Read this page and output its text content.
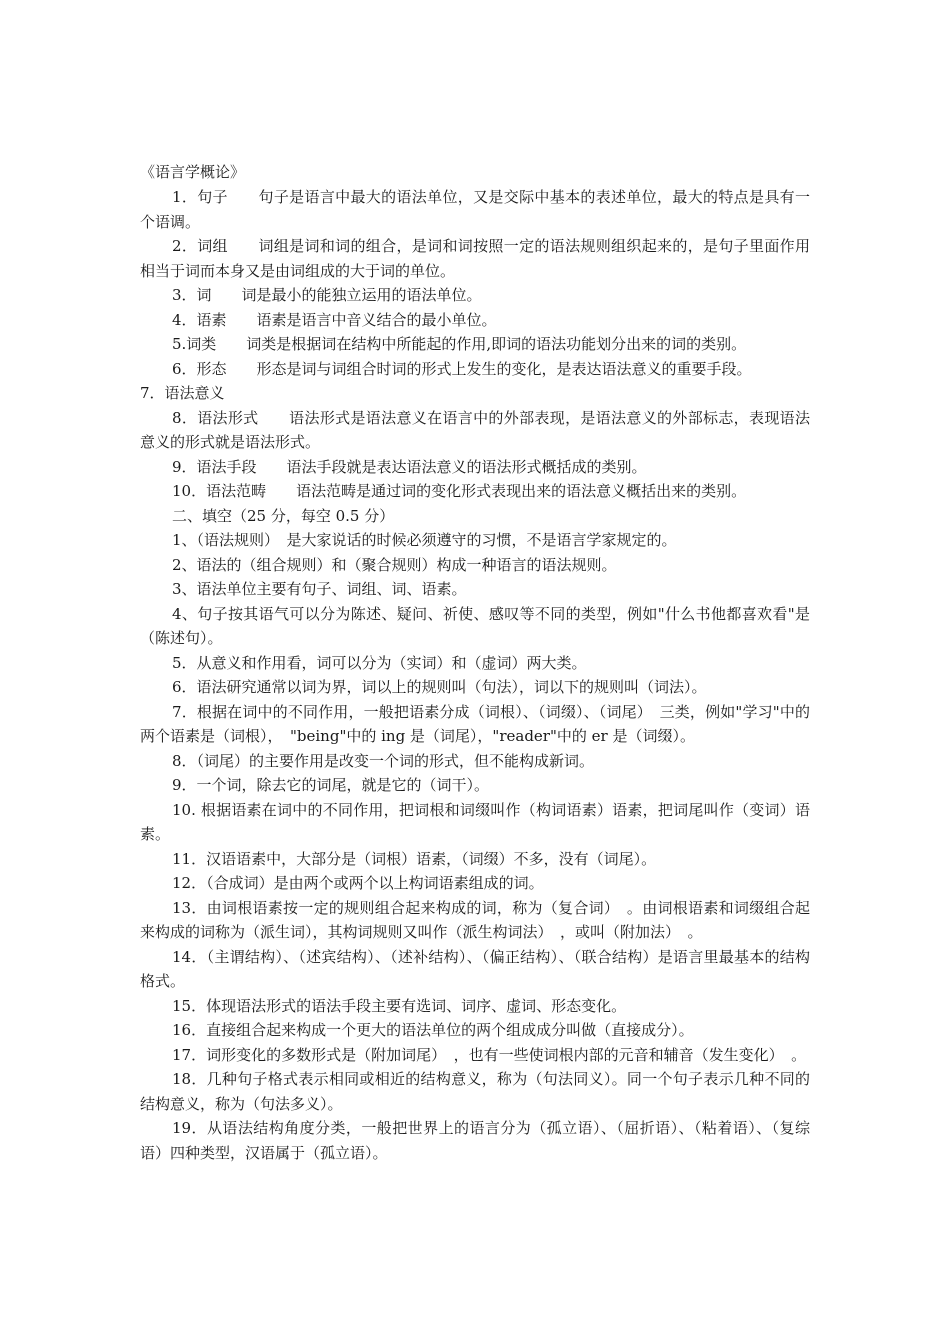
《语言学概论》

1．句子　　句子是语言中最大的语法单位，又是交际中基本的表述单位，最大的特点是具有一个语调。

2．词组　　词组是词和词的组合，是词和词按照一定的语法规则组织起来的，是句子里面作用相当于词而本身又是由词组成的大于词的单位。

3．词　　词是最小的能独立运用的语法单位。

4．语素　　语素是语言中音义结合的最小单位。

5.词类　　词类是根据词在结构中所能起的作用,即词的语法功能划分出来的词的类别。

6．形态　　形态是词与词组合时词的形式上发生的变化，是表达语法意义的重要手段。

7．语法意义

8．语法形式　　语法形式是语法意义在语言中的外部表现，是语法意义的外部标志，表现语法意义的形式就是语法形式。

9．语法手段　　语法手段就是表达语法意义的语法形式概括成的类别。

10．语法范畴　　语法范畴是通过词的变化形式表现出来的语法意义概括出来的类别。

二、填空（25 分，每空 0.5 分）

1、（语法规则）　是大家说话的时候必须遵守的习惯，不是语言学家规定的。

2、语法的（组合规则）和（聚合规则）构成一种语言的语法规则。

3、语法单位主要有句子、词组、词、语素。

4、句子按其语气可以分为陈述、疑问、祈使、感叹等不同的类型，例如"什么书他都喜欢看"是（陈述句）。

5．从意义和作用看，词可以分为（实词）和（虚词）两大类。

6．语法研究通常以词为界，词以上的规则叫（句法），词以下的规则叫（词法）。

7．根据在词中的不同作用，一般把语素分成（词根）、（词缀）、（词尾）　三类，例如"学习"中的两个语素是（词根），　"being"中的 ing 是（词尾），"reader"中的 er 是（词缀）。

8．（词尾）的主要作用是改变一个词的形式，但不能构成新词。

9．一个词，除去它的词尾，就是它的（词干）。

10. 根据语素在词中的不同作用，把词根和词缀叫作（构词语素）语素，把词尾叫作（变词）语素。

11．汉语语素中，大部分是（词根）语素，（词缀）不多，没有（词尾）。

12．（合成词）是由两个或两个以上构词语素组成的词。

13．由词根语素按一定的规则组合起来构成的词，称为（复合词）　。由词根语素和词缀组合起来构成的词称为（派生词），其构词规则又叫作（派生构词法）　，或叫（附加法）　。

14．（主谓结构）、（述宾结构）、（述补结构）、（偏正结构）、（联合结构）是语言里最基本的结构格式。

15．体现语法形式的语法手段主要有选词、词序、虚词、形态变化。

16．直接组合起来构成一个更大的语法单位的两个组成成分叫做（直接成分）。

17．词形变化的多数形式是（附加词尾）　，也有一些使词根内部的元音和辅音（发生变化）　。

18．几种句子格式表示相同或相近的结构意义，称为（句法同义）。同一个句子表示几种不同的结构意义，称为（句法多义）。

19．从语法结构角度分类，一般把世界上的语言分为（孤立语）、（屈折语）、（粘着语）、（复综语）四种类型，汉语属于（孤立语）。
